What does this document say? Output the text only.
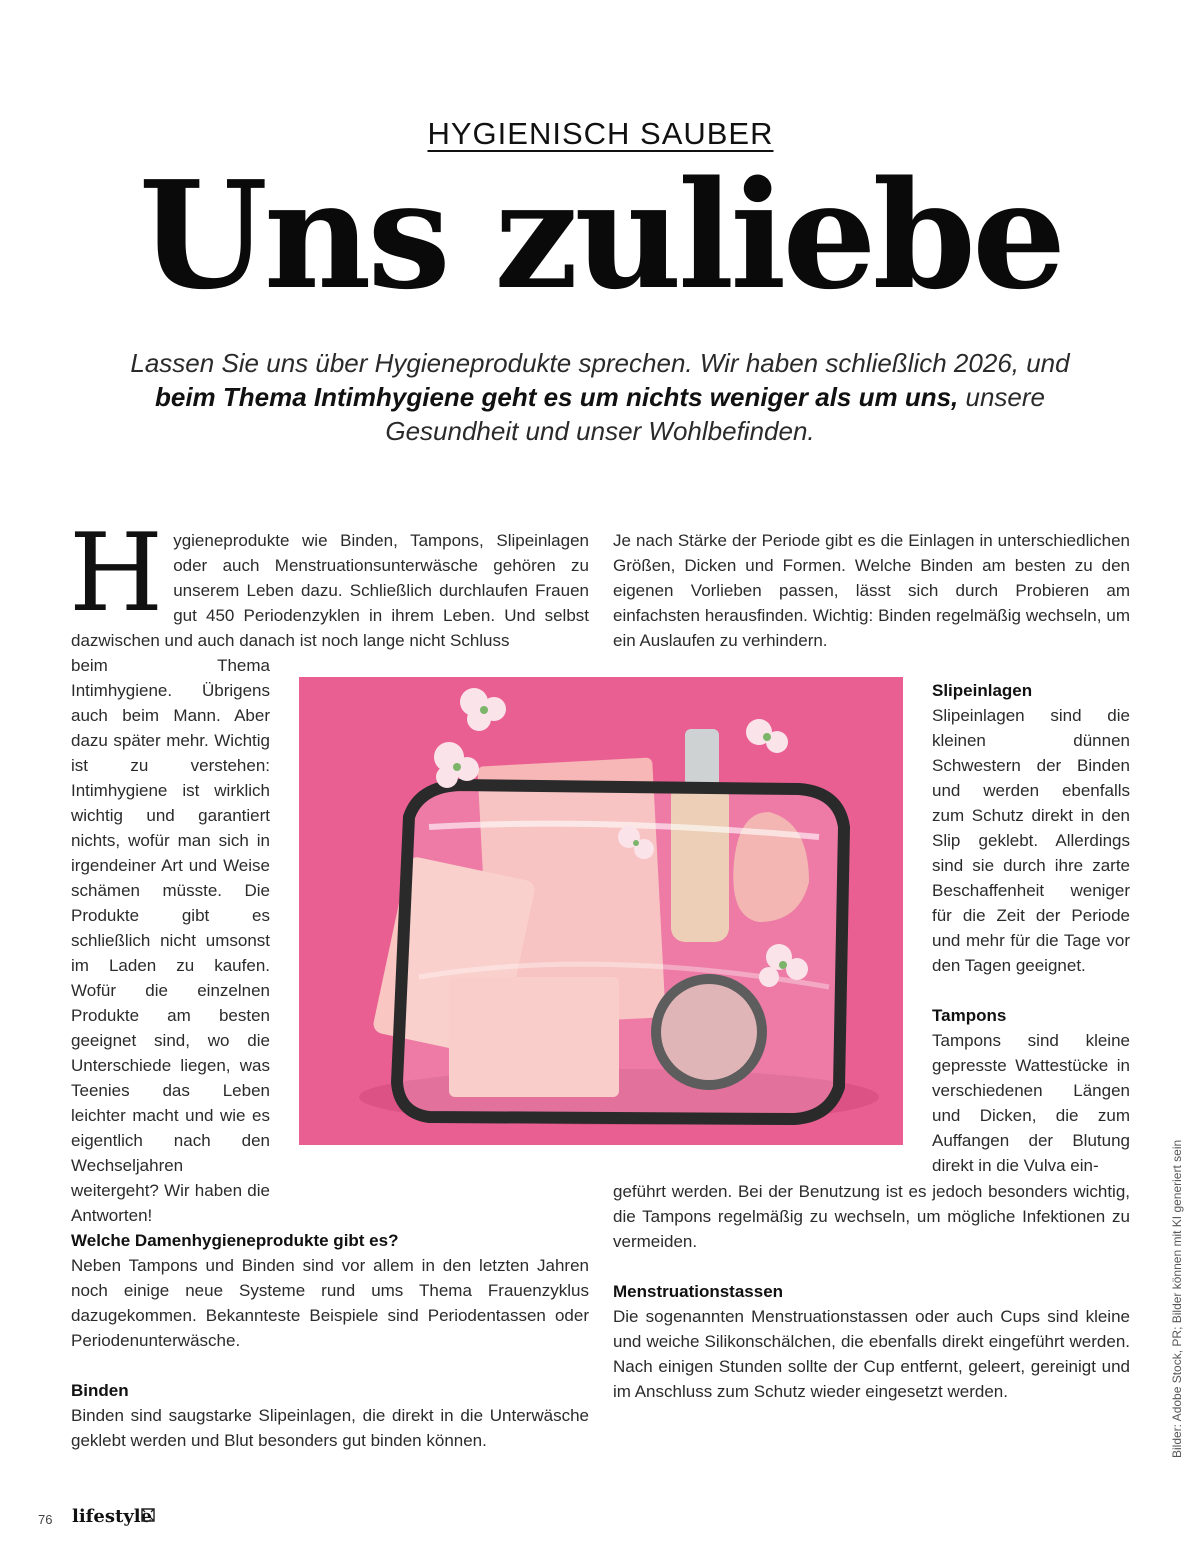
HYGIENISCH SAUBER
Uns zuliebe
Lassen Sie uns über Hygieneprodukte sprechen. Wir haben schließlich 2026, und beim Thema Intimhygiene geht es um nichts weniger als um uns, unsere Gesundheit und unser Wohlbefinden.

Hygieneprodukte wie Binden, Tampons, Slipeinlagen oder auch Menstruationsunterwäsche gehören zu unserem Leben dazu. Schließlich durchlaufen Frauen gut 450 Periodenzyklen in ihrem Leben. Und selbst dazwischen und auch danach ist noch lange nicht Schluss

beim Thema Intimhygiene. Übrigens auch beim Mann. Aber dazu später mehr. Wichtig ist zu verstehen: Intimhygiene ist wirklich wichtig und garantiert nichts, wofür man sich in irgendeiner Art und Weise schämen müsste. Die Produkte gibt es schließlich nicht umsonst im Laden zu kaufen. Wofür die einzelnen Produkte am besten geeignet sind, wo die Unterschiede liegen, was Teenies das Leben leichter macht und wie es eigentlich nach den Wechseljahren weitergeht? Wir haben die Antworten!

Welche Damenhygieneprodukte gibt es?

Neben Tampons und Binden sind vor allem in den letzten Jahren noch einige neue Systeme rund ums Thema Frauenzyklus dazugekommen. Bekannteste Beispiele sind Periodentassen oder Periodenunterwäsche.

Binden

Binden sind saugstarke Slipeinlagen, die direkt in die Unterwäsche geklebt werden und Blut besonders gut binden können.

Je nach Stärke der Periode gibt es die Einlagen in unterschiedlichen Größen, Dicken und Formen. Welche Binden am besten zu den eigenen Vorlieben passen, lässt sich durch Probieren am einfachsten herausfinden. Wichtig: Binden regelmäßig wechseln, um ein Auslaufen zu verhindern.

Slipeinlagen

Slipeinlagen sind die kleinen dünnen Schwestern der Binden und werden ebenfalls zum Schutz direkt in den Slip geklebt. Allerdings sind sie durch ihre zarte Beschaffenheit weniger für die Zeit der Periode und mehr für die Tage vor den Tagen geeignet.

Tampons

Tampons sind kleine gepresste Wattestücke in verschiedenen Längen und Dicken, die zum Auffangen der Blutung direkt in die Vulva ein-

geführt werden. Bei der Benutzung ist es jedoch besonders wichtig, die Tampons regelmäßig zu wechseln, um mögliche Infektionen zu vermeiden.

Menstruationstassen

Die sogenannten Menstruationstassen oder auch Cups sind kleine und weiche Silikonschälchen, die ebenfalls direkt eingeführt werden. Nach einigen Stunden sollte der Cup entfernt, geleert, gereinigt und im Anschluss zum Schutz wieder eingesetzt werden.

76 lifestyle
Bilder: Adobe Stock, PR; Bilder können mit KI generiert sein
